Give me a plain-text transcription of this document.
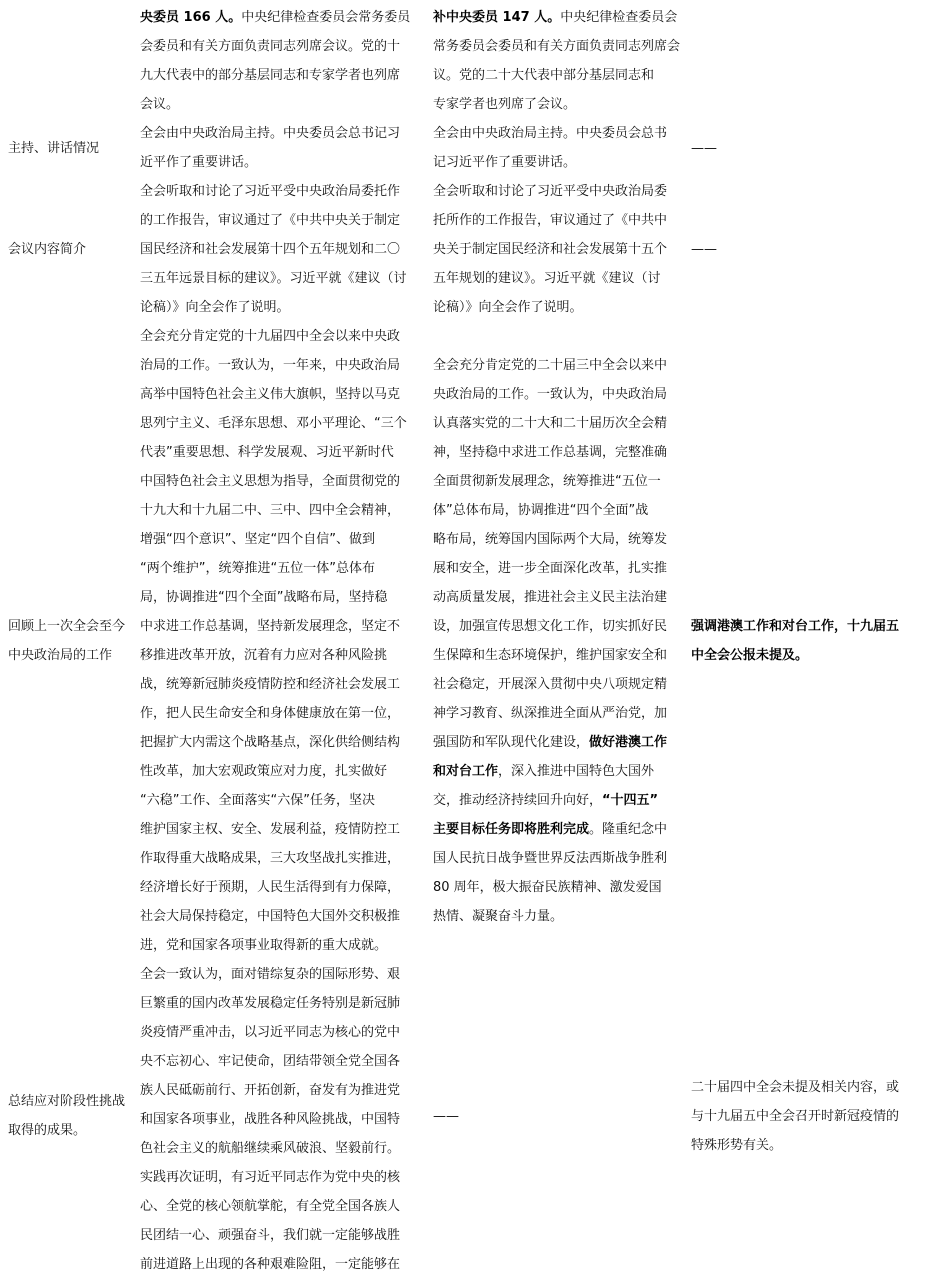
央委员 166 人。中央纪律检查委员会常务委员
会委员和有关方面负责同志列席会议。党的十
九大代表中的部分基层同志和专家学者也列席
会议。
补中央委员 147 人。中央纪律检查委员会
常务委员会委员和有关方面负责同志列席会
议。党的二十大代表中部分基层同志和
专家学者也列席了会议。
主持、讲话情况
全会由中央政治局主持。中央委员会总书记习
近平作了重要讲话。
全会由中央政治局主持。中央委员会总书
记习近平作了重要讲话。
——
会议内容简介
全会听取和讨论了习近平受中央政治局委托作
的工作报告，审议通过了《中共中央关于制定
国民经济和社会发展第十四个五年规划和二〇
三五年远景目标的建议》。习近平就《建议（讨
论稿）》向全会作了说明。
全会听取和讨论了习近平受中央政治局委
托所作的工作报告，审议通过了《中共中
央关于制定国民经济和社会发展第十五个
五年规划的建议》。习近平就《建议（讨
论稿）》向全会作了说明。
——
回顾上一次全会至今
中央政治局的工作
全会充分肯定党的十九届四中全会以来中央政
治局的工作。一致认为，一年来，中央政治局
高举中国特色社会主义伟大旗帜，坚持以马克
思列宁主义、毛泽东思想、邓小平理论、“三个
代表”重要思想、科学发展观、习近平新时代
中国特色社会主义思想为指导，全面贯彻党的
十九大和十九届二中、三中、四中全会精神，
增强“四个意识”、坚定“四个自信”、做到
“两个维护”，统筹推进“五位一体”总体布
局，协调推进“四个全面”战略布局，坚持稳
中求进工作总基调，坚持新发展理念，坚定不
移推进改革开放，沉着有力应对各种风险挑
战，统筹新冠肺炎疫情防控和经济社会发展工
作，把人民生命安全和身体健康放在第一位，
把握扩大内需这个战略基点，深化供给侧结构
性改革，加大宏观政策应对力度，扎实做好
“六稳”工作、全面落实“六保”任务，坚决
维护国家主权、安全、发展利益，疫情防控工
作取得重大战略成果，三大攻坚战扎实推进，
经济增长好于预期，人民生活得到有力保障，
社会大局保持稳定，中国特色大国外交积极推
进，党和国家各项事业取得新的重大成就。
全会充分肯定党的二十届三中全会以来中
央政治局的工作。一致认为，中央政治局
认真落实党的二十大和二十届历次全会精
神，坚持稳中求进工作总基调，完整准确
全面贯彻新发展理念，统筹推进“五位一
体”总体布局，协调推进“四个全面”战
略布局，统筹国内国际两个大局，统筹发
展和安全，进一步全面深化改革，扎实推
动高质量发展，推进社会主义民主法治建
设，加强宣传思想文化工作，切实抓好民
生保障和生态环境保护，维护国家安全和
社会稳定，开展深入贯彻中央八项规定精
神学习教育、纵深推进全面从严治党，加
强国防和军队现代化建设，做好港澳工作
和对台工作，深入推进中国特色大国外
交，推动经济持续回升向好，“十四五”
主要目标任务即将胜利完成。隆重纪念中
国人民抗日战争暨世界反法西斯战争胜利
80 周年，极大振奋民族精神、激发爱国
热情、凝聚奋斗力量。
强调港澳工作和对台工作，十九届五
中全会公报未提及。
总结应对阶段性挑战
取得的成果。
全会一致认为，面对错综复杂的国际形势、艰
巨繁重的国内改革发展稳定任务特别是新冠肺
炎疫情严重冲击，以习近平同志为核心的党中
央不忘初心、牢记使命，团结带领全党全国各
族人民砥砺前行、开拓创新，奋发有为推进党
和国家各项事业，战胜各种风险挑战，中国特
色社会主义的航船继续乘风破浪、坚毅前行。
实践再次证明，有习近平同志作为党中央的核
心、全党的核心领航掌舵，有全党全国各族人
民团结一心、顽强奋斗，我们就一定能够战胜
前进道路上出现的各种艰难险阻，一定能够在
——
二十届四中全会未提及相关内容，或
与十九届五中全会召开时新冠疫情的
特殊形势有关。
